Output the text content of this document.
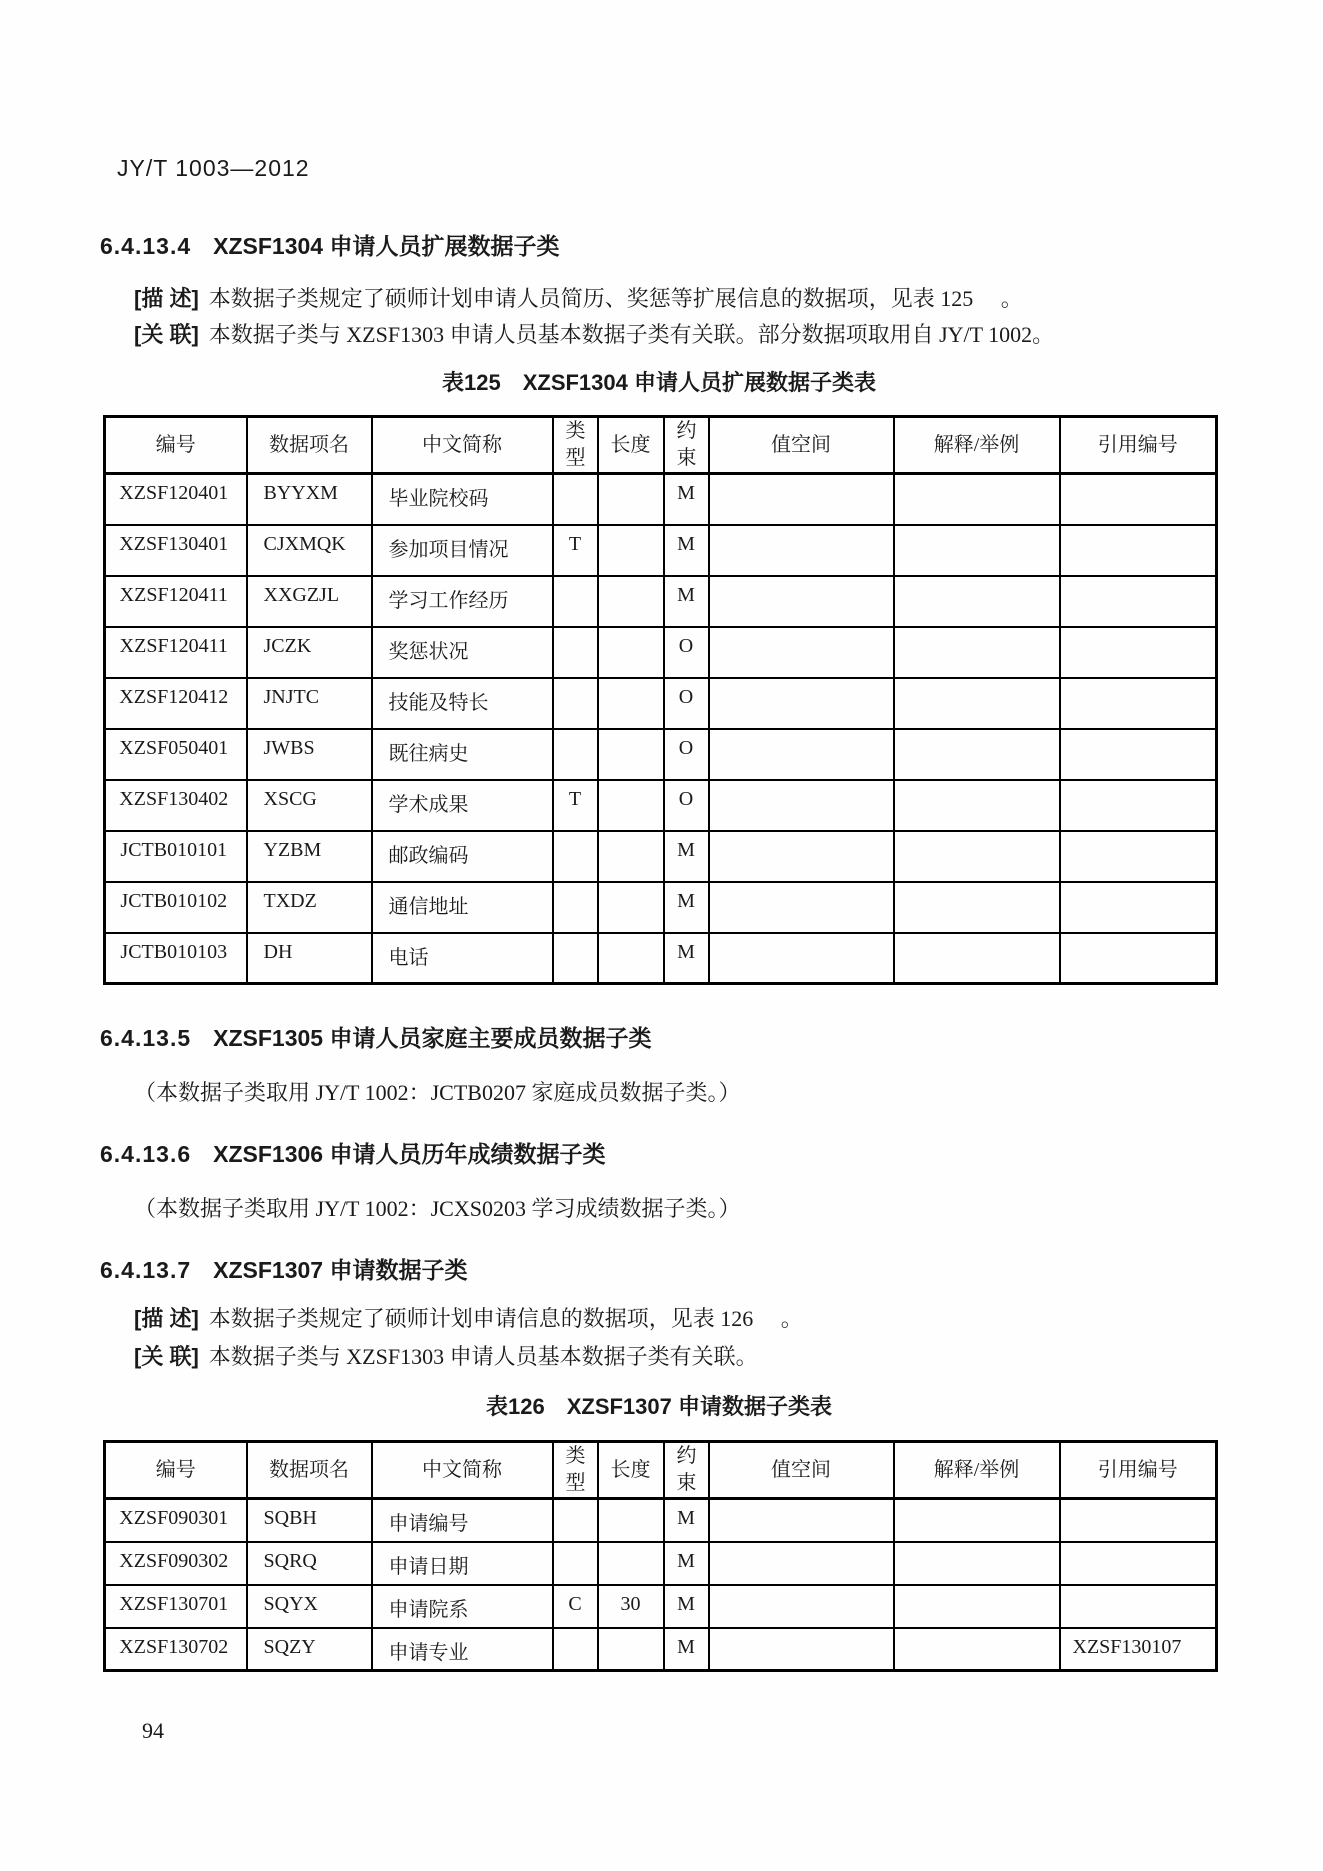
JY/T 1003—2012
6.4.13.4 XZSF1304 申请人员扩展数据子类
[描 述] 本数据子类规定了硕师计划申请人员简历、奖惩等扩展信息的数据项，见表 125 　。
[关 联] 本数据子类与 XZSF1303 申请人员基本数据子类有关联。部分数据项取用自 JY/T 1002。
表125　XZSF1304 申请人员扩展数据子类表
编号	数据项名	中文简称	类型	长度	约束	值空间	解释/举例	引用编号
XZSF120401	BYYXM	毕业院校码			M			
XZSF130401	CJXMQK	参加项目情况	T		M			
XZSF120411	XXGZJL	学习工作经历			M			
XZSF120411	JCZK	奖惩状况			O			
XZSF120412	JNJTC	技能及特长			O			
XZSF050401	JWBS	既往病史			O			
XZSF130402	XSCG	学术成果	T		O			
JCTB010101	YZBM	邮政编码			M			
JCTB010102	TXDZ	通信地址			M			
JCTB010103	DH	电话			M			
6.4.13.5 XZSF1305 申请人员家庭主要成员数据子类
（本数据子类取用 JY/T 1002：JCTB0207 家庭成员数据子类。）
6.4.13.6 XZSF1306 申请人员历年成绩数据子类
（本数据子类取用 JY/T 1002：JCXS0203 学习成绩数据子类。）
6.4.13.7 XZSF1307 申请数据子类
[描 述] 本数据子类规定了硕师计划申请信息的数据项，见表 126 　。
[关 联] 本数据子类与 XZSF1303 申请人员基本数据子类有关联。
表126　XZSF1307 申请数据子类表
编号	数据项名	中文简称	类型	长度	约束	值空间	解释/举例	引用编号
XZSF090301	SQBH	申请编号			M			
XZSF090302	SQRQ	申请日期			M			
XZSF130701	SQYX	申请院系	C	30	M			
XZSF130702	SQZY	申请专业			M			XZSF130107
94
